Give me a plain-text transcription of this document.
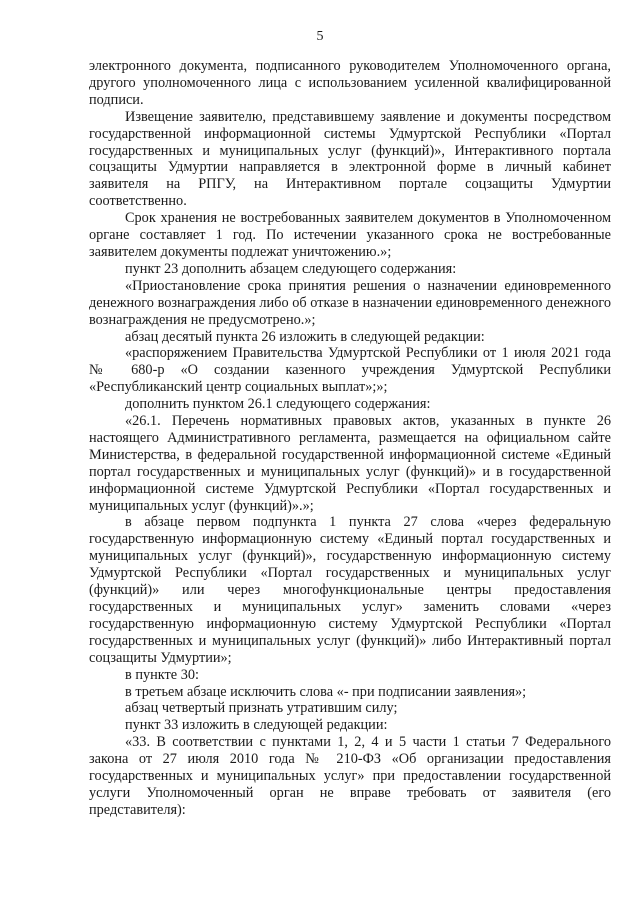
5

электронного документа, подписанного руководителем Уполномоченного органа, другого уполномоченного лица с использованием усиленной квалифицированной подписи.

Извещение заявителю, представившему заявление и документы посредством государственной информационной системы Удмуртской Республики «Портал государственных и муниципальных услуг (функций)», Интерактивного портала соцзащиты Удмуртии направляется в электронной форме в личный кабинет заявителя на РПГУ, на Интерактивном портале соцзащиты Удмуртии соответственно.

Срок хранения не востребованных заявителем документов в Уполномоченном органе составляет 1 год. По истечении указанного срока не востребованные заявителем документы подлежат уничтожению.»;

пункт 23 дополнить абзацем следующего содержания:

«Приостановление срока принятия решения о назначении единовременного денежного вознаграждения либо об отказе в назначении единовременного денежного вознаграждения не предусмотрено.»;

абзац десятый пункта 26 изложить в следующей редакции:

«распоряжением Правительства Удмуртской Республики от 1 июля 2021 года № 680-р «О создании казенного учреждения Удмуртской Республики «Республиканский центр социальных выплат»;»;

дополнить пунктом 26.1 следующего содержания:

«26.1. Перечень нормативных правовых актов, указанных в пункте 26 настоящего Административного регламента, размещается на официальном сайте Министерства, в федеральной государственной информационной системе «Единый портал государственных и муниципальных услуг (функций)» и в государственной информационной системе Удмуртской Республики «Портал государственных и муниципальных услуг (функций)».»;

в абзаце первом подпункта 1 пункта 27 слова «через федеральную государственную информационную систему «Единый портал государственных и муниципальных услуг (функций)», государственную информационную систему Удмуртской Республики «Портал государственных и муниципальных услуг (функций)» или через многофункциональные центры предоставления государственных и муниципальных услуг» заменить словами «через государственную информационную систему Удмуртской Республики «Портал государственных и муниципальных услуг (функций)» либо Интерактивный портал соцзащиты Удмуртии»;

в пункте 30:

в третьем абзаце исключить слова «- при подписании заявления»;

абзац четвертый признать утратившим силу;

пункт 33 изложить в следующей редакции:

«33. В соответствии с пунктами 1, 2, 4 и 5 части 1 статьи 7 Федерального закона от 27 июля 2010 года № 210-ФЗ «Об организации предоставления государственных и муниципальных услуг» при предоставлении государственной услуги Уполномоченный орган не вправе требовать от заявителя (его представителя):
